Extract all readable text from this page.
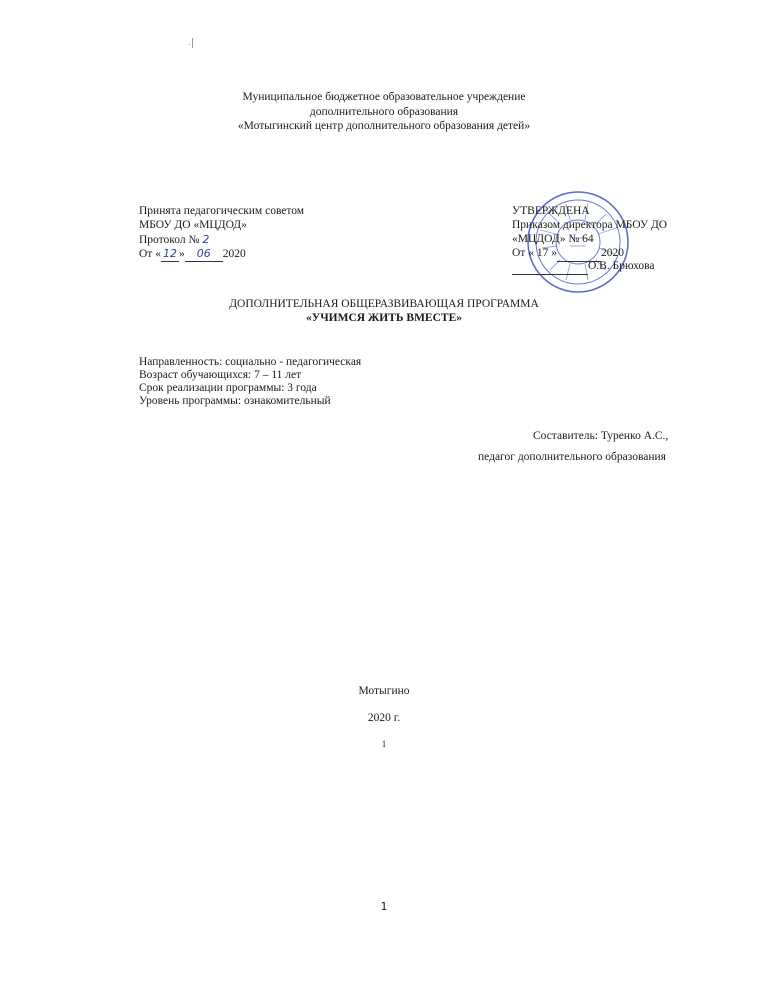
Муниципальное бюджетное образовательное учреждение
дополнительного образования
«Мотыгинский центр дополнительного образования детей»
Принята педагогическим советом
МБОУ ДО «МЦДОД»
Протокол № 2
От « 12 » 06 2020
УТВЕРЖДЕНА
Приказом директора МБОУ ДО
«МЦДОД» № 64
От « 17 »	2020
О.В. Брюхова
ДОПОЛНИТЕЛЬНАЯ ОБЩЕРАЗВИВАЮЩАЯ ПРОГРАММА
«УЧИМСЯ ЖИТЬ ВМЕСТЕ»
Направленность: социально - педагогическая
Возраст обучающихся: 7 – 11 лет
Срок реализации программы: 3 года
Уровень программы: ознакомительный
Составитель: Туренко А.С.,
педагог дополнительного образования
Мотыгино
2020 г.
1
1
